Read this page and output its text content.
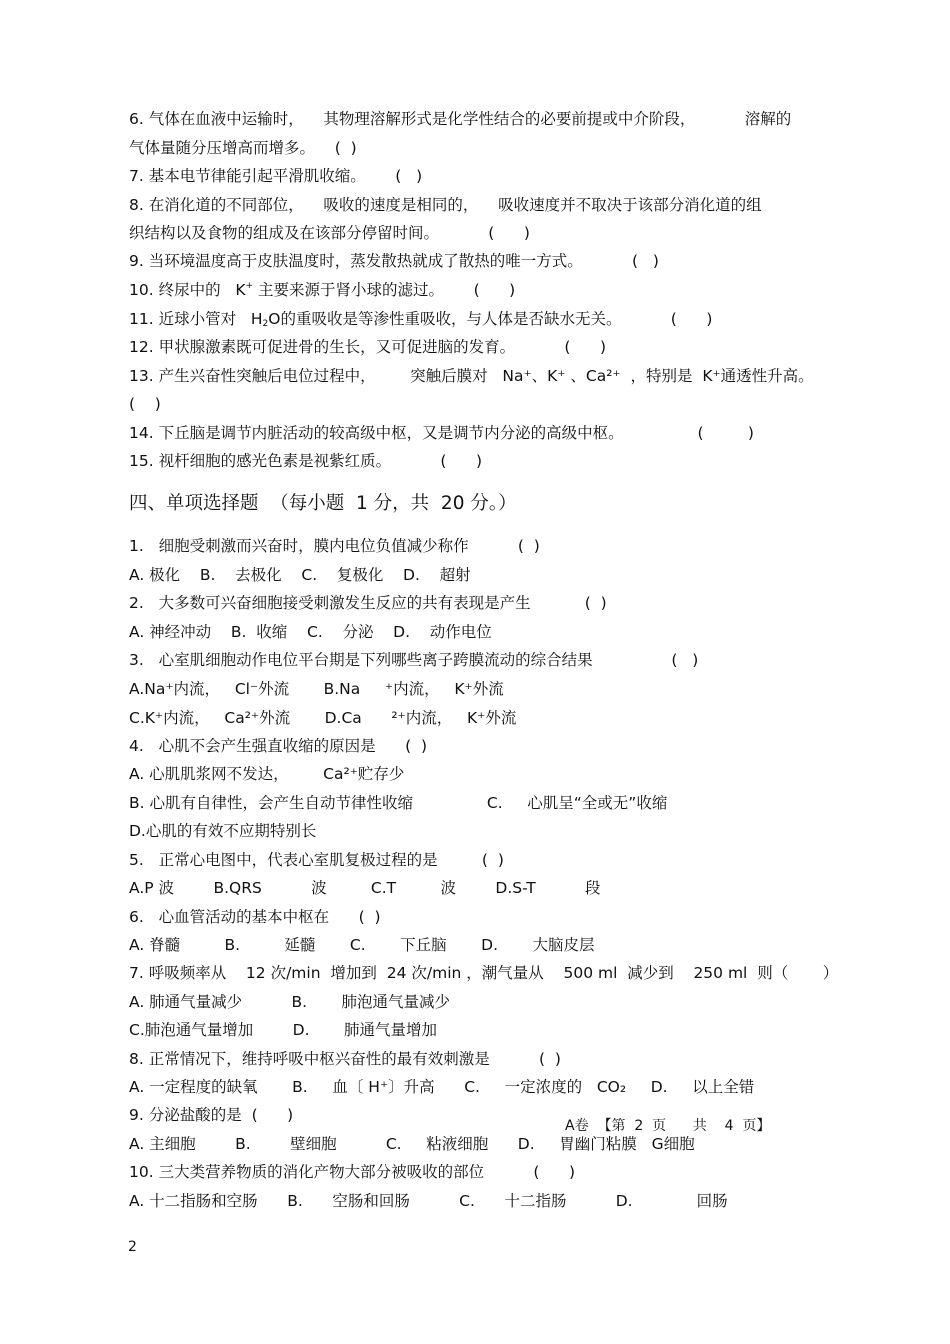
6. 气体在血液中运输时，    其物理溶解形式是化学性结合的必要前提或中介阶段，          溶解的

气体量随分压增高而增多。    (  )

7. 基本电节律能引起平滑肌收缩。      (   )

8. 在消化道的不同部位，    吸收的速度是相同的，    吸收速度并不取决于该部分消化道的组

织结构以及食物的组成及在该部分停留时间。          (      )

9. 当环境温度高于皮肤温度时，蒸发散热就成了散热的唯一方式。          (   )

10. 终尿中的   K+ 主要来源于肾小球的滤过。      (      )

11. 近球小管对   $H_2O$的重吸收是等渗性重吸收，与人体是否缺水无关。          (      )

12. 甲状腺激素既可促进骨的生长，又可促进脑的发育。          (      )

13. 产生兴奋性突触后电位过程中，       突触后膜对   Na⁺、K⁺ 、Ca²⁺  ，特别是  K⁺通透性升高。

(    )

14. 下丘脑是调节内脏活动的较高级中枢，又是调节内分泌的高级中枢。               (         )

15. 视杆细胞的感光色素是视紫红质。          (      )

四、单项选择题  （每小题  1 分，共  20 分。）

1.   细胞受刺激而兴奋时，膜内电位负值减少称作          (  )

A. 极化    B.    去极化    C.    复极化    D.    超射

2.   大多数可兴奋细胞接受刺激发生反应的共有表现是产生           (  )

A. 神经冲动    B.  收缩    C.    分泌    D.    动作电位

3.   心室肌细胞动作电位平台期是下列哪些离子跨膜流动的综合结果                (   )

A.Na⁺内流，   Cl⁻外流       B.Na     ⁺内流，   K⁺外流

C.K⁺内流，   Ca²⁺外流       D.Ca      ²⁺内流，   K⁺外流

4.   心肌不会产生强直收缩的原因是      (  )

A. 心肌肌浆网不发达，       Ca²⁺贮存少

B. 心肌有自律性，会产生自动节律性收缩               C.     心肌呈“全或无”收缩

D.心肌的有效不应期特别长

5.   正常心电图中，代表心室肌复极过程的是         (  )

A.P 波        B.QRS          波         C.T         波        D.S-T          段

6.   心血管活动的基本中枢在      (  )

A. 脊髓         B.         延髓       C.       下丘脑       D.       大脑皮层

7. 呼吸频率从    12 次/min  增加到  24 次/min ，潮气量从    500 ml  减少到    250 ml  则（       ）

A. 肺通气量减少          B.       肺泡通气量减少

C.肺泡通气量增加        D.       肺通气量增加

8. 正常情况下，维持呼吸中枢兴奋性的最有效刺激是          (  )

A. 一定程度的缺氧       B.     血〔 H⁺〕升高      C.     一定浓度的   CO₂     D.     以上全错

9. 分泌盐酸的是  (      )

A. 主细胞        B.        壁细胞          C.     粘液细胞      D.     胃幽门粘膜   G细胞

10. 三大类营养物质的消化产物大部分被吸收的部位          (      )

A. 十二指肠和空肠      B.      空肠和回肠          C.      十二指肠          D.             回肠

A卷  【第  2  页      共    4  页】

2
